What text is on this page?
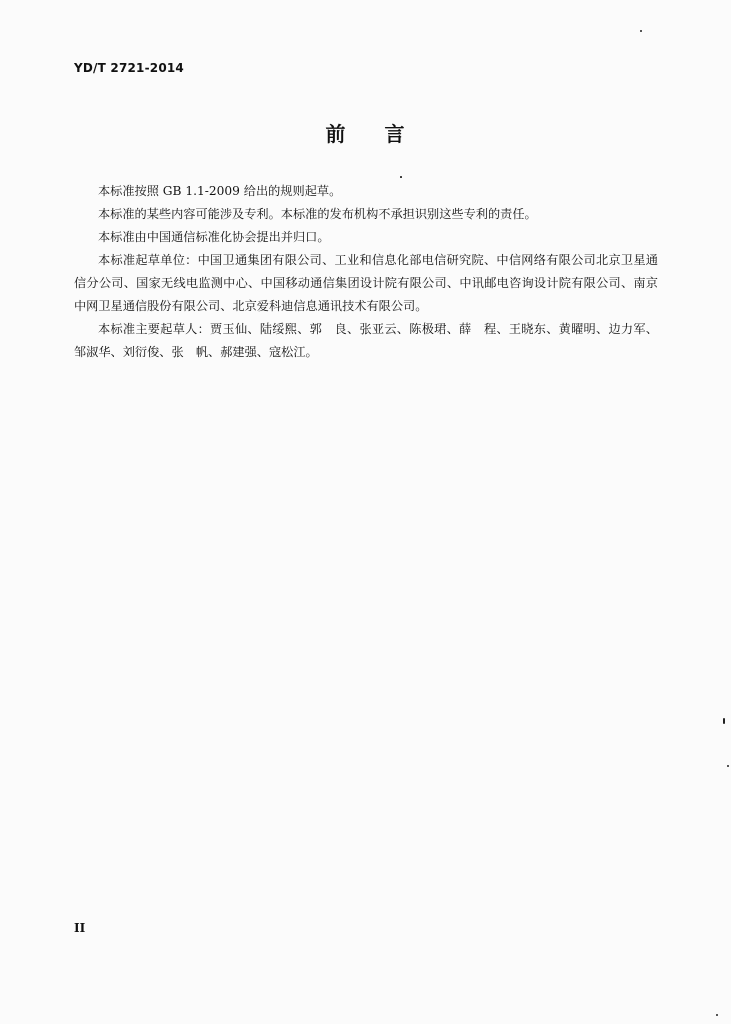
YD/T 2721-2014
前 言

本标准按照 GB 1.1-2009 给出的规则起草。

本标准的某些内容可能涉及专利。本标准的发布机构不承担识别这些专利的责任。

本标准由中国通信标准化协会提出并归口。

本标准起草单位：中国卫通集团有限公司、工业和信息化部电信研究院、中信网络有限公司北京卫星通信分公司、国家无线电监测中心、中国移动通信集团设计院有限公司、中讯邮电咨询设计院有限公司、南京中网卫星通信股份有限公司、北京爱科迪信息通讯技术有限公司。

本标准主要起草人：贾玉仙、陆绥熙、郭　良、张亚云、陈极珺、薛　程、王晓东、黄曜明、边力军、邹淑华、刘衍俊、张　帆、郝建强、寇松江。

II
